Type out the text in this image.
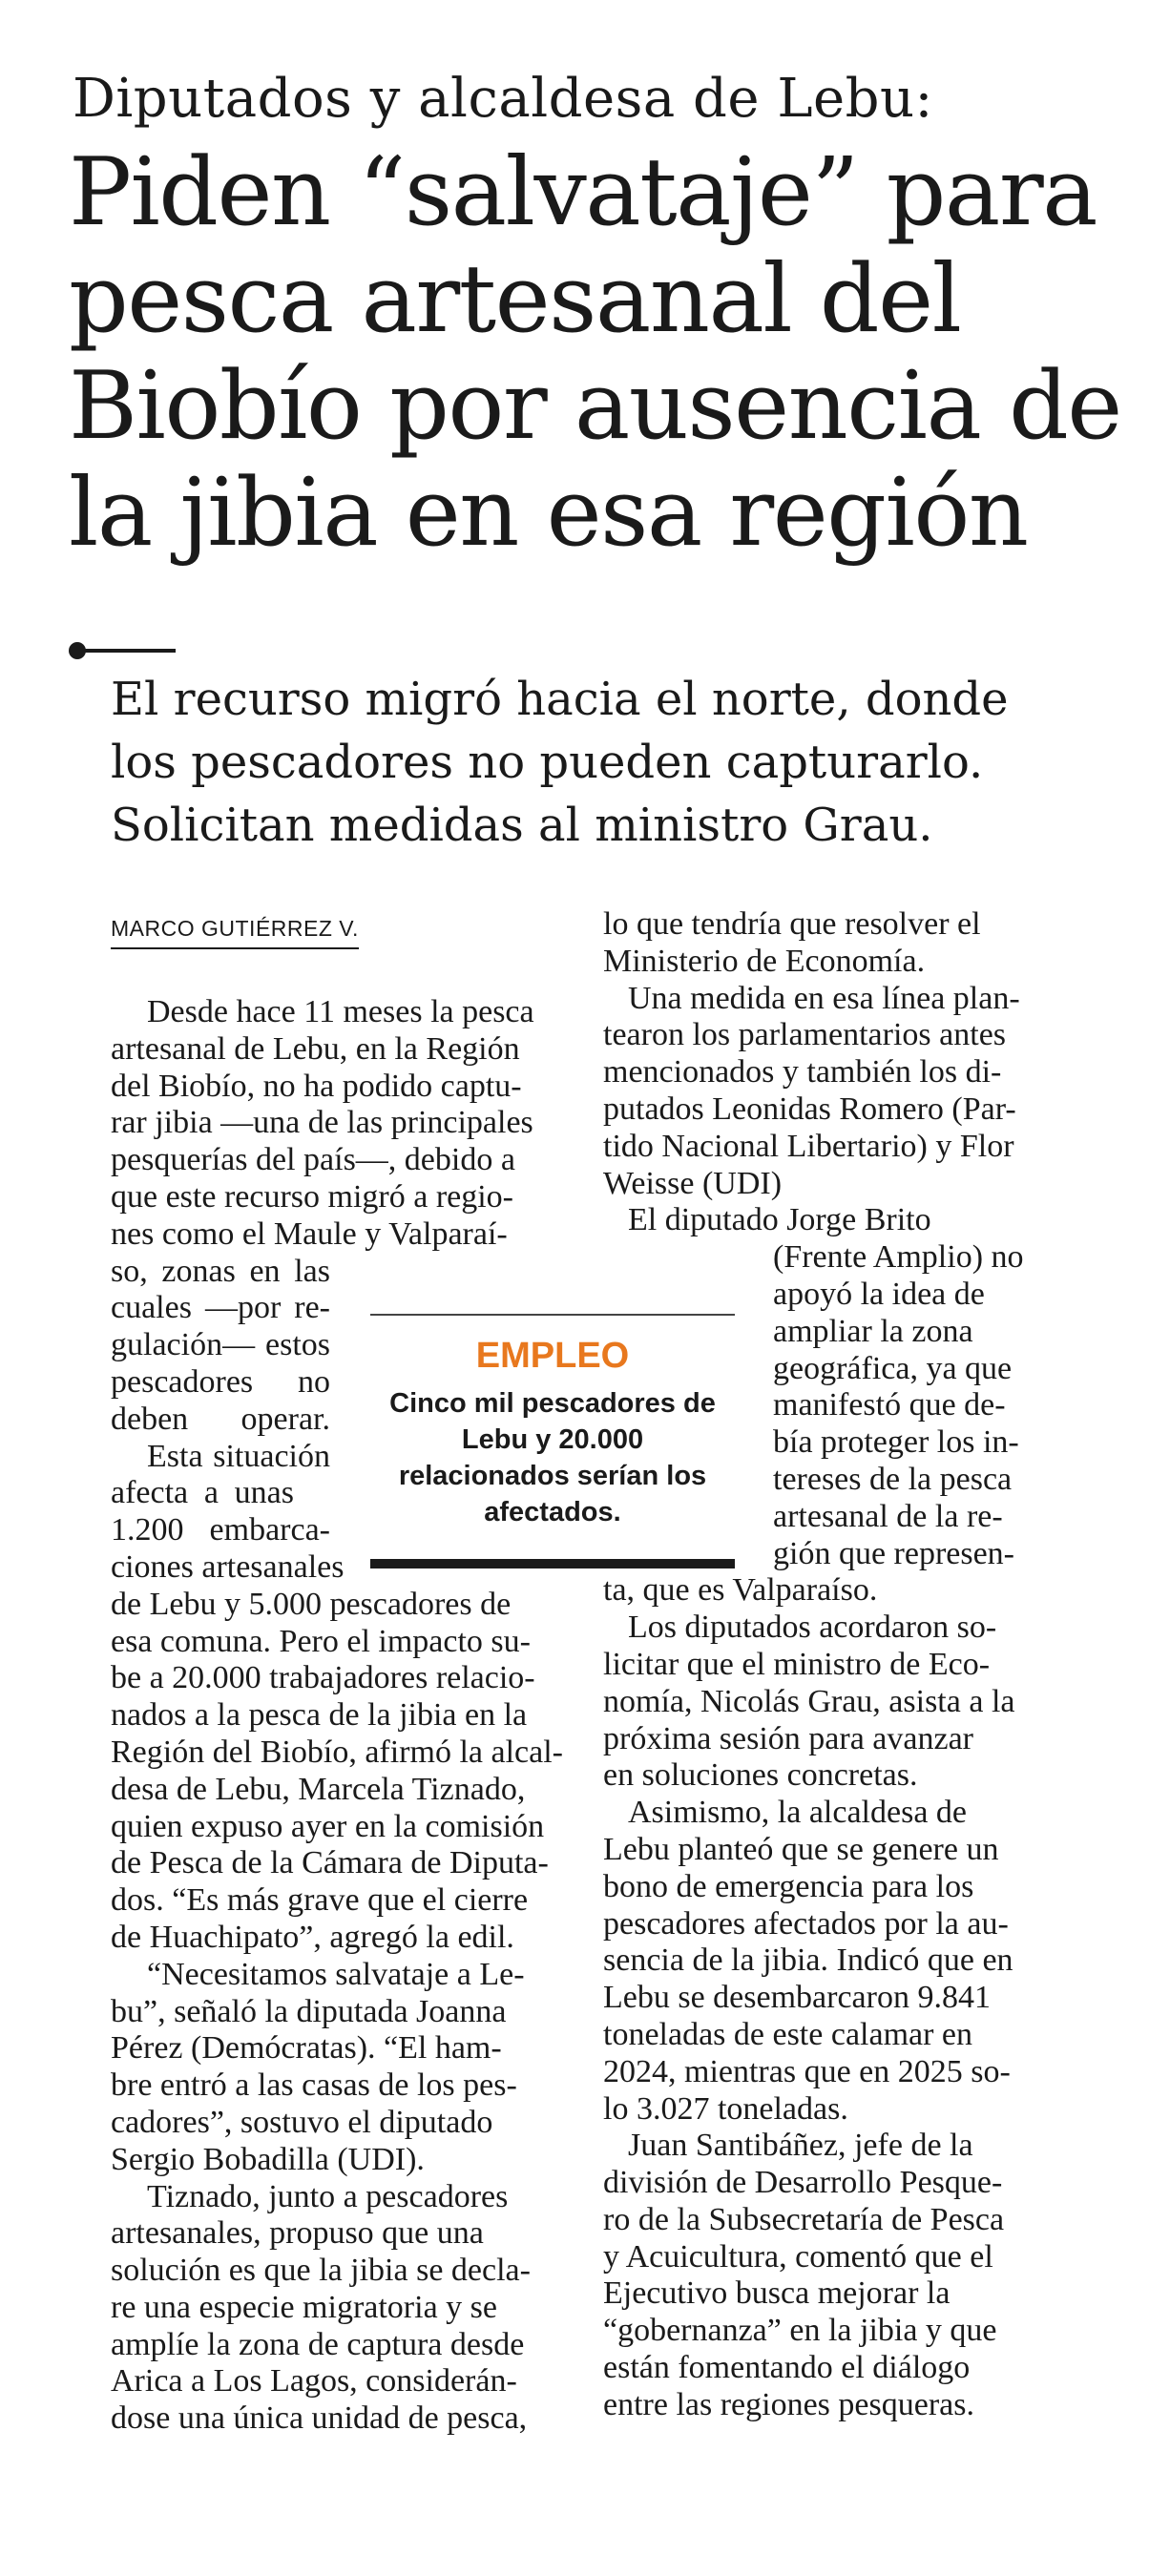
Diputados y alcaldesa de Lebu:
Piden “salvataje” para
pesca artesanal del
Biobío por ausencia de
la jibia en esa región
El recurso migró hacia el norte, donde
los pescadores no pueden capturarlo.
Solicitan medidas al ministro Grau.
MARCO GUTIÉRREZ V.
Desde hace 11 meses la pesca
artesanal de Lebu, en la Región
del Biobío, no ha podido captu-
rar jibia —una de las principales
pesquerías del país—, debido a
que este recurso migró a regio-
nes como el Maule y Valparaí-
so, zonas en las
cuales —por re-
gulación— estos
pescadores no
deben operar.
Esta situación
afecta a unas
1.200 embarca-
ciones artesanales
de Lebu y 5.000 pescadores de
esa comuna. Pero el impacto su-
be a 20.000 trabajadores relacio-
nados a la pesca de la jibia en la
Región del Biobío, afirmó la alcal-
desa de Lebu, Marcela Tiznado,
quien expuso ayer en la comisión
de Pesca de la Cámara de Diputa-
dos. “Es más grave que el cierre
de Huachipato”, agregó la edil.
“Necesitamos salvataje a Le-
bu”, señaló la diputada Joanna
Pérez (Demócratas). “El ham-
bre entró a las casas de los pes-
cadores”, sostuvo el diputado
Sergio Bobadilla (UDI).
Tiznado, junto a pescadores
artesanales, propuso que una
solución es que la jibia se decla-
re una especie migratoria y se
amplíe la zona de captura desde
Arica a Los Lagos, considerán-
dose una única unidad de pesca,
lo que tendría que resolver el
Ministerio de Economía.
Una medida en esa línea plan-
tearon los parlamentarios antes
mencionados y también los di-
putados Leonidas Romero (Par-
tido Nacional Libertario) y Flor
Weisse (UDI)
El diputado Jorge Brito
(Frente Amplio) no
apoyó la idea de
ampliar la zona
geográfica, ya que
manifestó que de-
bía proteger los in-
tereses de la pesca
artesanal de la re-
gión que represen-
ta, que es Valparaíso.
Los diputados acordaron so-
licitar que el ministro de Eco-
nomía, Nicolás Grau, asista a la
próxima sesión para avanzar
en soluciones concretas.
Asimismo, la alcaldesa de
Lebu planteó que se genere un
bono de emergencia para los
pescadores afectados por la au-
sencia de la jibia. Indicó que en
Lebu se desembarcaron 9.841
toneladas de este calamar en
2024, mientras que en 2025 so-
lo 3.027 toneladas.
Juan Santibáñez, jefe de la
división de Desarrollo Pesque-
ro de la Subsecretaría de Pesca
y Acuicultura, comentó que el
Ejecutivo busca mejorar la
“gobernanza” en la jibia y que
están fomentando el diálogo
entre las regiones pesqueras.
EMPLEO
Cinco mil pescadores de
Lebu y 20.000
relacionados serían los
afectados.
